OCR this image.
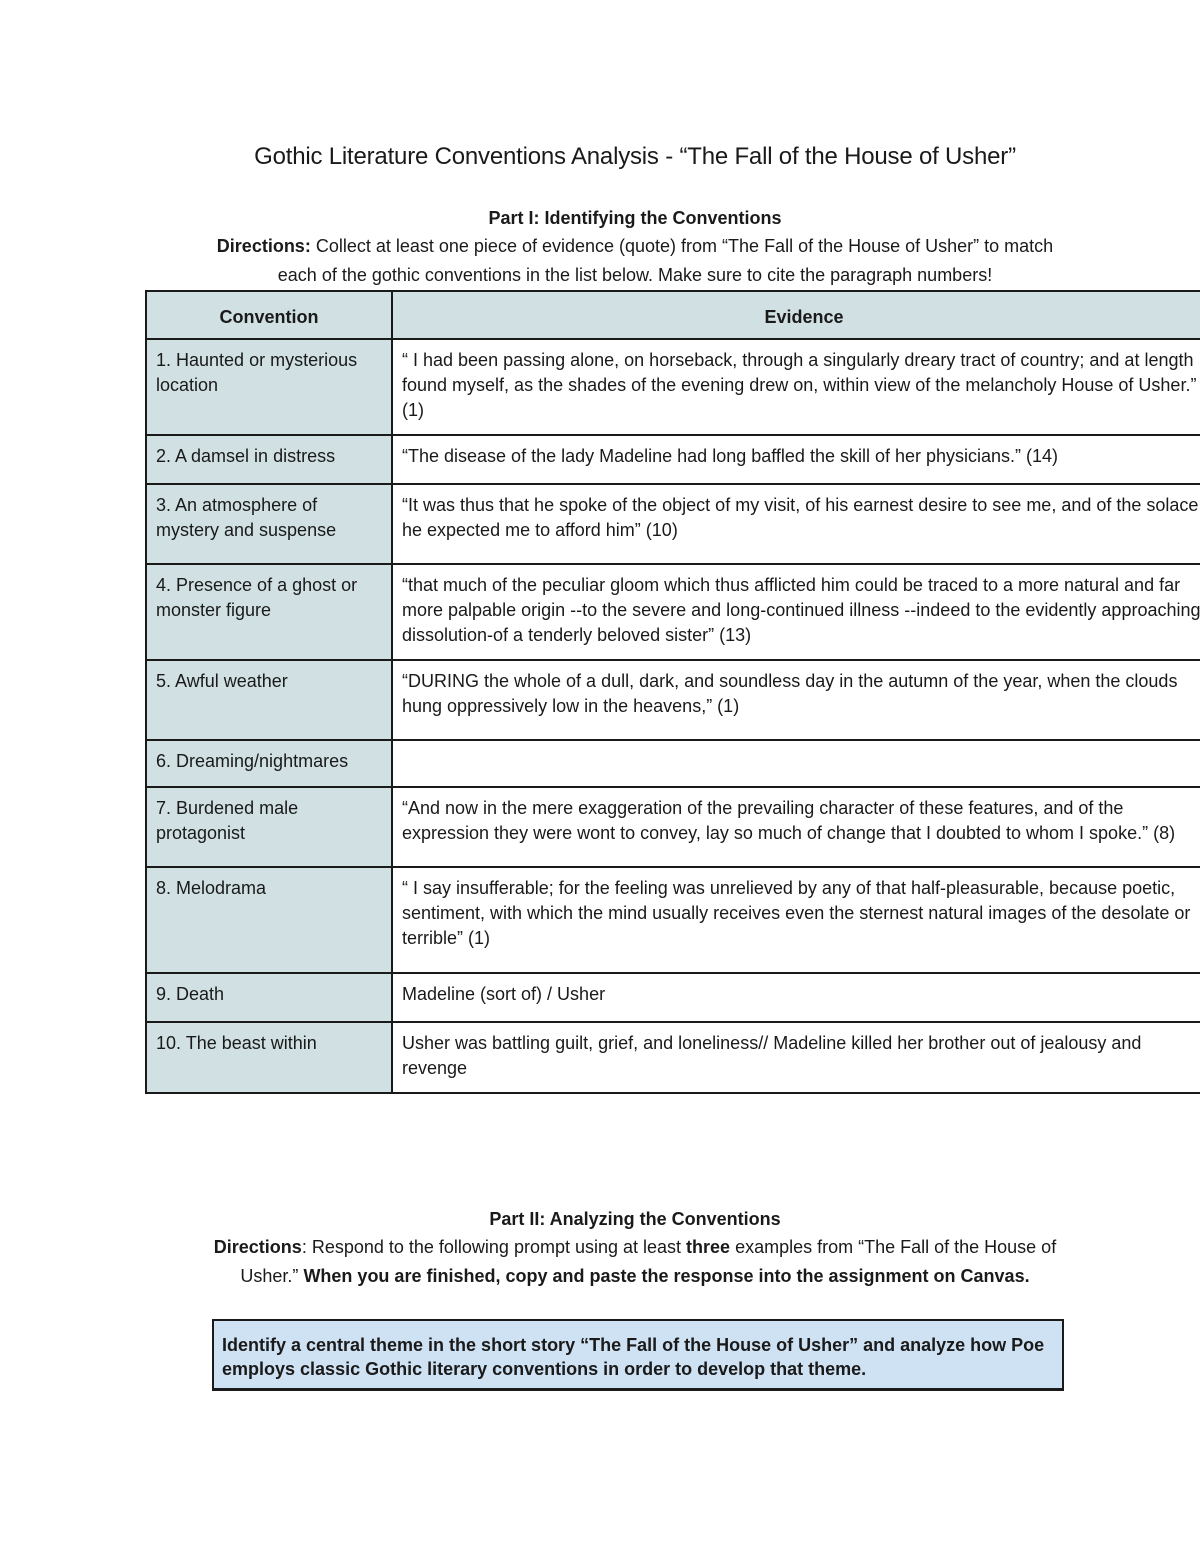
Gothic Literature Conventions Analysis - “The Fall of the House of Usher”
Part I: Identifying the Conventions
Directions: Collect at least one piece of evidence (quote) from “The Fall of the House of Usher” to match each of the gothic conventions in the list below. Make sure to cite the paragraph numbers!
Convention	Evidence
1. Haunted or mysterious location	“ I had been passing alone, on horseback, through a singularly dreary tract of country; and at length found myself, as the shades of the evening drew on, within view of the melancholy House of Usher.” (1)
2. A damsel in distress	“The disease of the lady Madeline had long baffled the skill of her physicians.” (14)
3. An atmosphere of mystery and suspense	“It was thus that he spoke of the object of my visit, of his earnest desire to see me, and of the solace he expected me to afford him” (10)
4. Presence of a ghost or monster figure	“that much of the peculiar gloom which thus afflicted him could be traced to a more natural and far more palpable origin --to the severe and long-continued illness --indeed to the evidently approaching dissolution-of a tenderly beloved sister” (13)
5. Awful weather	“DURING the whole of a dull, dark, and soundless day in the autumn of the year, when the clouds hung oppressively low in the heavens,” (1)
6. Dreaming/nightmares	
7. Burdened male protagonist	“And now in the mere exaggeration of the prevailing character of these features, and of the expression they were wont to convey, lay so much of change that I doubted to whom I spoke.” (8)
8. Melodrama	“ I say insufferable; for the feeling was unrelieved by any of that half-pleasurable, because poetic, sentiment, with which the mind usually receives even the sternest natural images of the desolate or terrible” (1)
9. Death	Madeline (sort of) / Usher
10. The beast within	Usher was battling guilt, grief, and loneliness// Madeline killed her brother out of jealousy and revenge
Part II: Analyzing the Conventions
Directions: Respond to the following prompt using at least three examples from “The Fall of the House of Usher.” When you are finished, copy and paste the response into the assignment on Canvas.
Identify a central theme in the short story “The Fall of the House of Usher” and analyze how Poe employs classic Gothic literary conventions in order to develop that theme.
